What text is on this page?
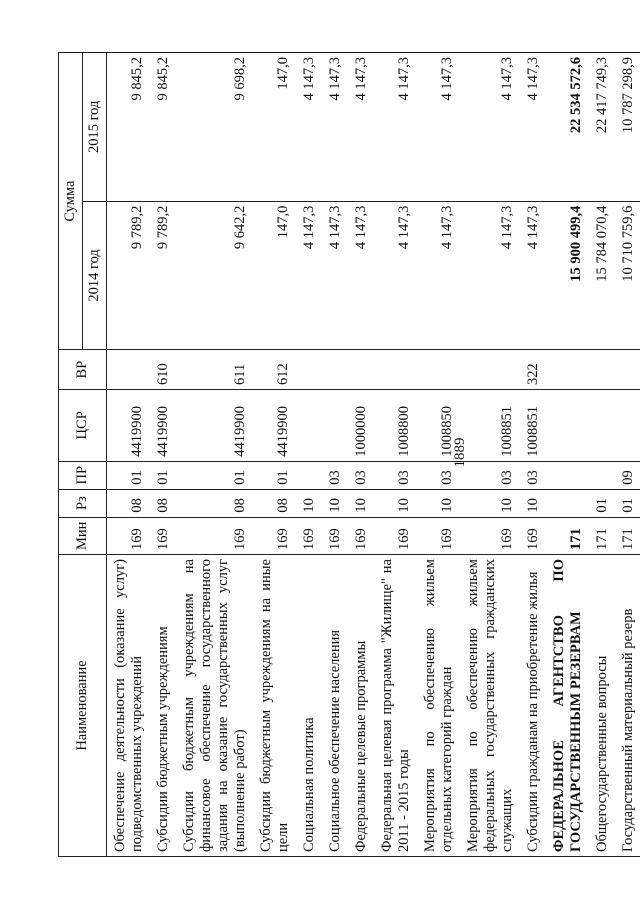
1889
Наименование	Мин	Рз	ПР	ЦСР	ВР	Сумма	
						2014 год	2015 год
Обеспечение деятельности (оказание услуг) подведомственных учреждений	169	08	01	4419900		9 789,2	9 845,2
Субсидии бюджетным учреждениям	169	08	01	4419900	610	9 789,2	9 845,2
Субсидии бюджетным учреждениям на финансовое обеспечение государственного задания на оказание государственных услуг (выполнение работ)	169	08	01	4419900	611	9 642,2	9 698,2
Субсидии бюджетным учреждениям на иные цели	169	08	01	4419900	612	147,0	147,0
Социальная политика	169	10				4 147,3	4 147,3
Социальное обеспечение населения	169	10	03			4 147,3	4 147,3
Федеральные целевые программы	169	10	03	1000000		4 147,3	4 147,3
Федеральная целевая программа "Жилище" на 2011 - 2015 годы	169	10	03	1008800		4 147,3	4 147,3
Мероприятия по обеспечению жильем отдельных категорий граждан	169	10	03	1008850		4 147,3	4 147,3
Мероприятия по обеспечению жильем федеральных государственных гражданских служащих	169	10	03	1008851		4 147,3	4 147,3
Субсидии гражданам на приобретение жилья	169	10	03	1008851	322	4 147,3	4 147,3
ФЕДЕРАЛЬНОЕ АГЕНТСТВО ПО ГОСУДАРСТВЕННЫМ РЕЗЕРВАМ	171					15 900 499,4	22 534 572,6
Общегосударственные вопросы	171	01				15 784 070,4	22 417 749,3
Государственный материальный резерв	171	01	09			10 710 759,6	10 787 298,9
